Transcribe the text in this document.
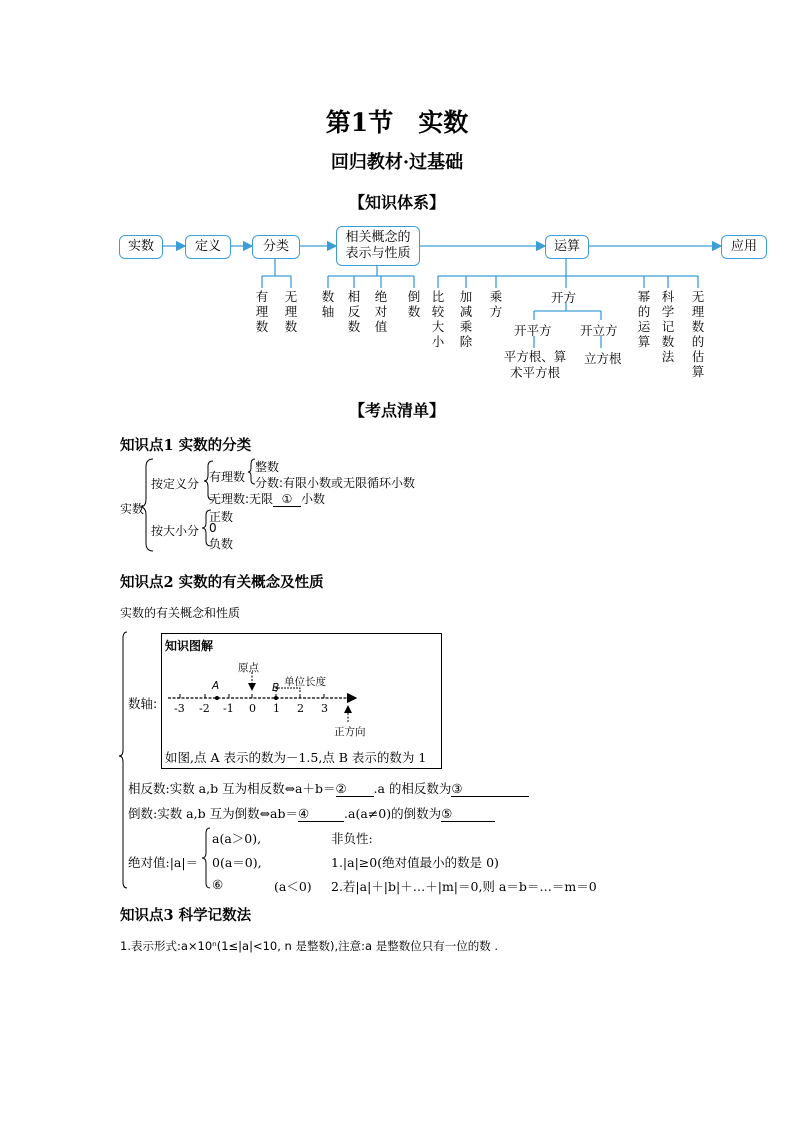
第1节　实数
回归教材·过基础
【知识体系】
实数	定义	分类
相关概念的表示与性质	运算	应用
有理数
无理数
数轴
相反数
绝对值
倒数
比较大小
加减乘除
乘方
开方	幂的运算
科学记数法
无理数的估算
开平方 开立方
平方根、算术平方根
立方根
【考点清单】
知识点1 实数的分类
实数
按定义分 有理数
整数
分数:有限小数或无限循环小数
无理数:无限 ① 小数
按大小分
正数
0
负数
知识点2 实数的有关概念及性质
实数的有关概念和性质
数轴:
知识图解
原点
单位长度
正方向
A	B
-3 -2 -1 0 1 2 3
如图,点 A 表示的数为－1.5,点 B 表示的数为 1
相反数:实数 a,b 互为相反数⇔a＋b＝② .a 的相反数为③
倒数:实数 a,b 互为倒数⇔ab＝④	.a(a≠0)的倒数为⑤
绝对值:|a|＝
a(a＞0),
0(a＝0),
⑥	(a＜0)
非负性:
1.|a|≥0(绝对值最小的数是 0)
2.若|a|＋|b|＋…＋|m|＝0,则 a＝b＝…＝m＝0
知识点3 科学记数法
1.表示形式:a×10ⁿ(1≤|a|<10, n 是整数),注意:a 是整数位只有一位的数 .
